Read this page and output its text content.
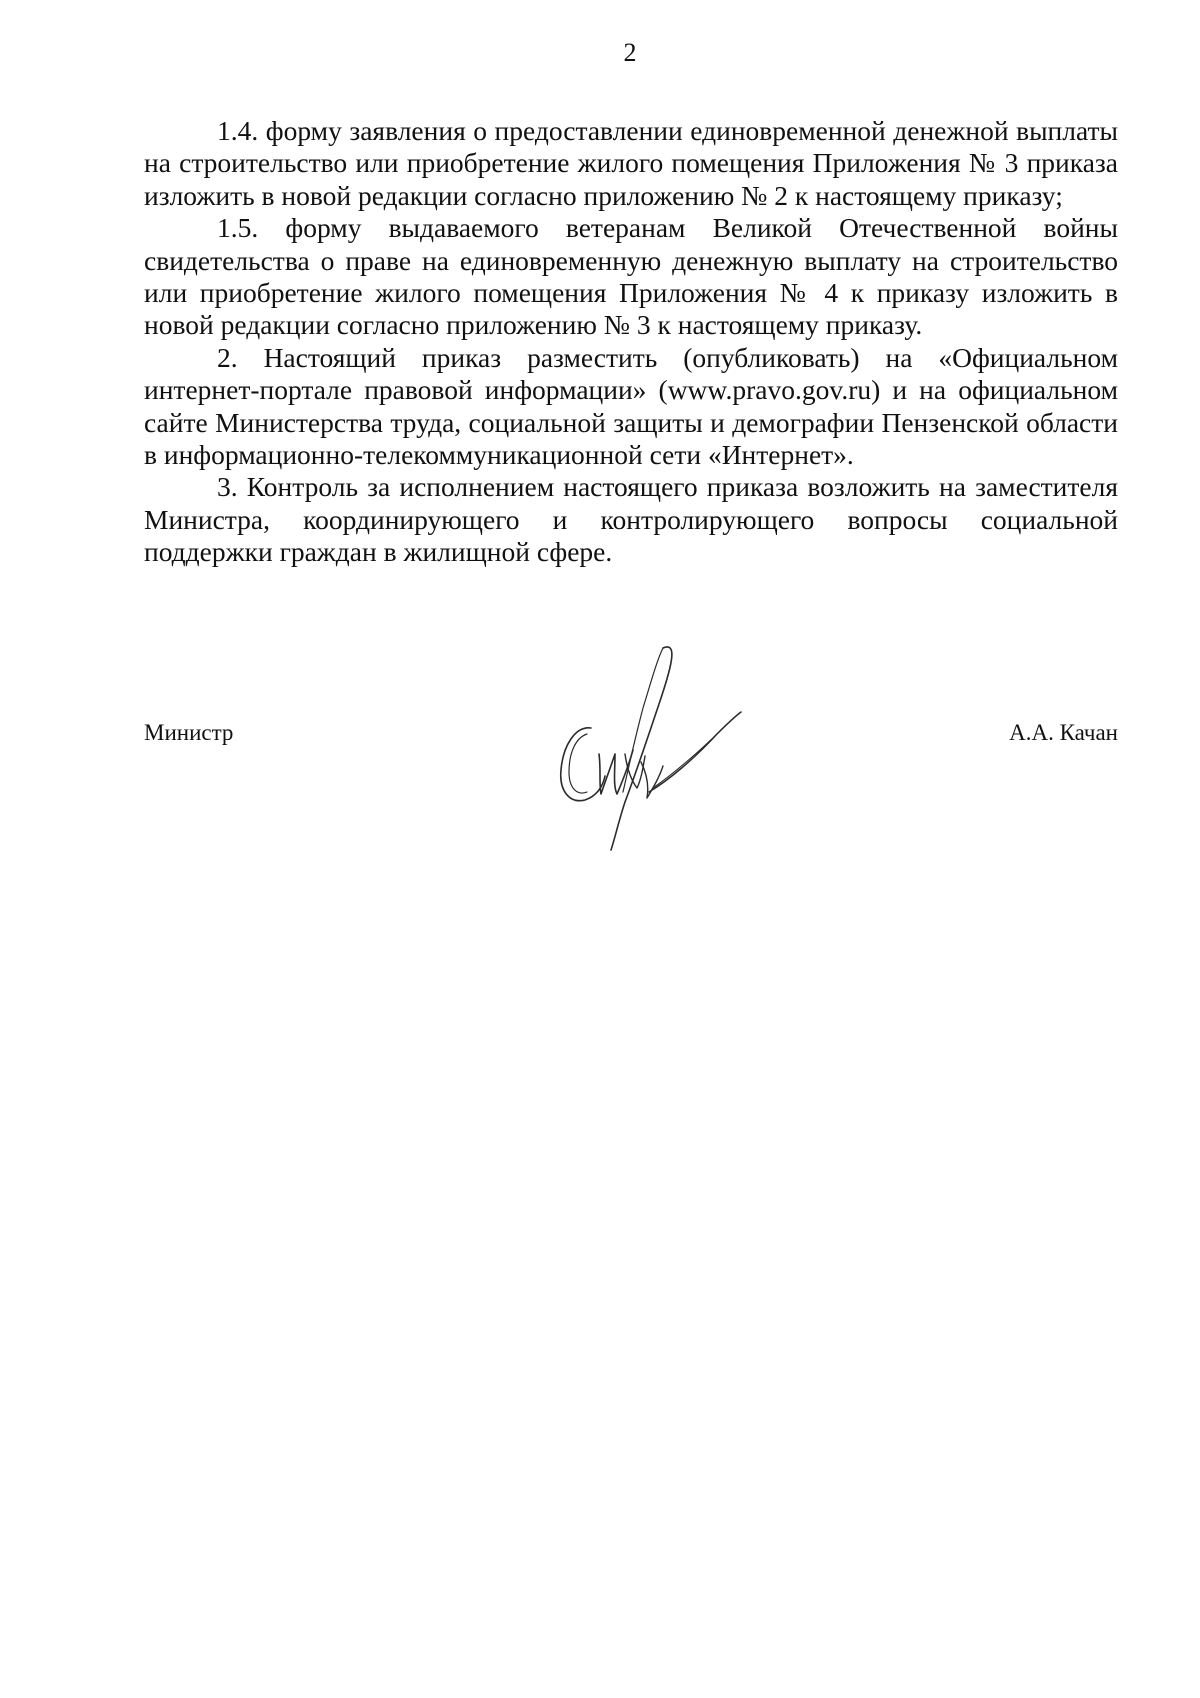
2

1.4. форму заявления о предоставлении единовременной денежной выплаты на строительство или приобретение жилого помещения Приложения № 3 приказа изложить в новой редакции согласно приложению № 2 к настоящему приказу;

1.5. форму выдаваемого ветеранам Великой Отечественной войны свидетельства о праве на единовременную денежную выплату на строительство или приобретение жилого помещения Приложения № 4 к приказу изложить в новой редакции согласно приложению № 3 к настоящему приказу.

2. Настоящий приказ разместить (опубликовать) на «Официальном интернет-портале правовой информации» (www.pravo.gov.ru) и на официальном сайте Министерства труда, социальной защиты и демографии Пензенской области в информационно-телекоммуникационной сети «Интернет».

3. Контроль за исполнением настоящего приказа возложить на заместителя Министра, координирующего и контролирующего вопросы социальной поддержки граждан в жилищной сфере.

Министр	А.А. Качан
